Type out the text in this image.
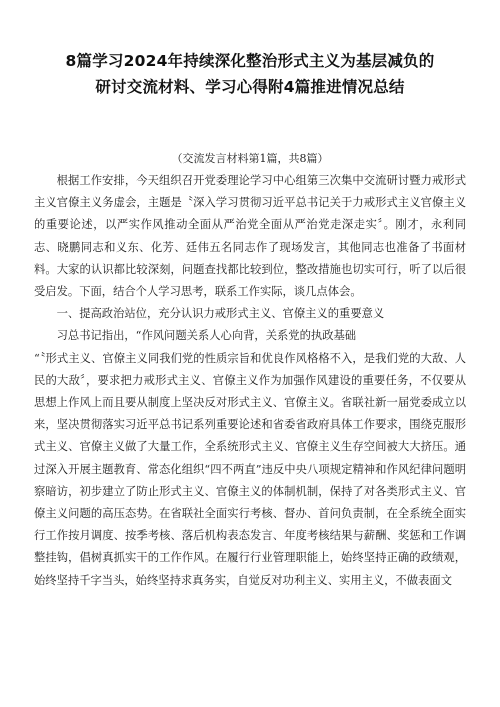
8篇学习2024年持续深化整治形式主义为基层减负的
研讨交流材料、学习心得附4篇推进情况总结
（交流发言材料第1篇，共8篇）

根据工作安排，今天组织召开党委理论学习中心组第三次集中交流研讨暨力戒形式主义官僚主义务虚会，主题是〝深入学习贯彻习近平总书记关于力戒形式主义官僚主义的重要论述，以严实作风推动全面从严治党全面从严治党走深走实〞。刚才，永利同志、晓鹏同志和义东、化芳、廷伟五名同志作了现场发言，其他同志也准备了书面材料。大家的认识都比较深刻，问题查找都比较到位，整改措施也切实可行，听了以后很受启发。下面，结合个人学习思考，联系工作实际，谈几点体会。

一、提高政治站位，充分认识力戒形式主义、官僚主义的重要意义

习总书记指出，“作风问题关系人心向背，关系党的执政基础

“〝形式主义、官僚主义同我们党的性质宗旨和优良作风格格不入，是我们党的大敌、人民的大敌〞，要求把力戒形式主义、官僚主义作为加强作风建设的重要任务，不仅要从思想上作风上而且要从制度上坚决反对形式主义、官僚主义。省联社新一届党委成立以来，坚决贯彻落实习近平总书记系列重要论述和省委省政府具体工作要求，围绕克服形式主义、官僚主义做了大量工作，全系统形式主义、官僚主义生存空间被大大挤压。通过深入开展主题教育、常态化组织“四不两直”违反中央八项规定精神和作风纪律问题明察暗访，初步建立了防止形式主义、官僚主义的体制机制，保持了对各类形式主义、官僚主义问题的高压态势。在省联社全面实行考核、督办、首问负责制，在全系统全面实行工作按月调度、按季考核、落后机构表态发言、年度考核结果与薪酬、奖惩和工作调整挂钩，倡树真抓实干的工作作风。在履行行业管理职能上，始终坚持正确的政绩观，始终坚持千字当头，始终坚持求真务实，自觉反对功利主义、实用主义，不做表面文
